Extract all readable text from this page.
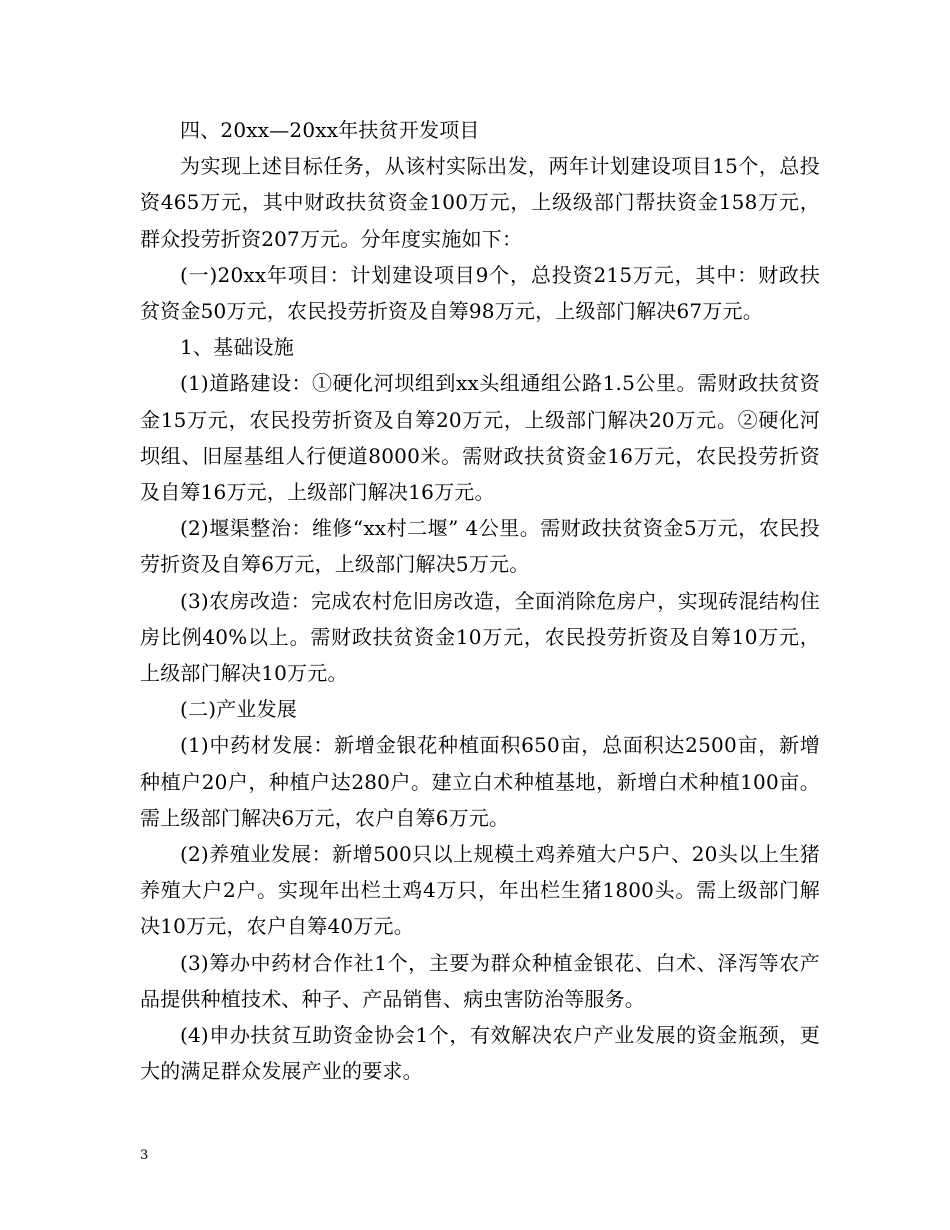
四、20xx—20xx年扶贫开发项目

为实现上述目标任务，从该村实际出发，两年计划建设项目15个，总投资465万元，其中财政扶贫资金100万元，上级级部门帮扶资金158万元，群众投劳折资207万元。分年度实施如下：

(一)20xx年项目：计划建设项目9个，总投资215万元，其中：财政扶贫资金50万元，农民投劳折资及自筹98万元，上级部门解决67万元。

1、基础设施

(1)道路建设：①硬化河坝组到xx头组通组公路1.5公里。需财政扶贫资金15万元，农民投劳折资及自筹20万元，上级部门解决20万元。②硬化河坝组、旧屋基组人行便道8000米。需财政扶贫资金16万元，农民投劳折资及自筹16万元，上级部门解决16万元。

(2)堰渠整治：维修“xx村二堰” 4公里。需财政扶贫资金5万元，农民投劳折资及自筹6万元，上级部门解决5万元。

(3)农房改造：完成农村危旧房改造，全面消除危房户，实现砖混结构住房比例40%以上。需财政扶贫资金10万元，农民投劳折资及自筹10万元，上级部门解决10万元。

(二)产业发展

(1)中药材发展：新增金银花种植面积650亩，总面积达2500亩，新增种植户20户，种植户达280户。建立白术种植基地，新增白术种植100亩。需上级部门解决6万元，农户自筹6万元。

(2)养殖业发展：新增500只以上规模土鸡养殖大户5户、20头以上生猪养殖大户2户。实现年出栏土鸡4万只，年出栏生猪1800头。需上级部门解决10万元，农户自筹40万元。

(3)筹办中药材合作社1个，主要为群众种植金银花、白术、泽泻等农产品提供种植技术、种子、产品销售、病虫害防治等服务。

(4)申办扶贫互助资金协会1个，有效解决农户产业发展的资金瓶颈，更大的满足群众发展产业的要求。

3
